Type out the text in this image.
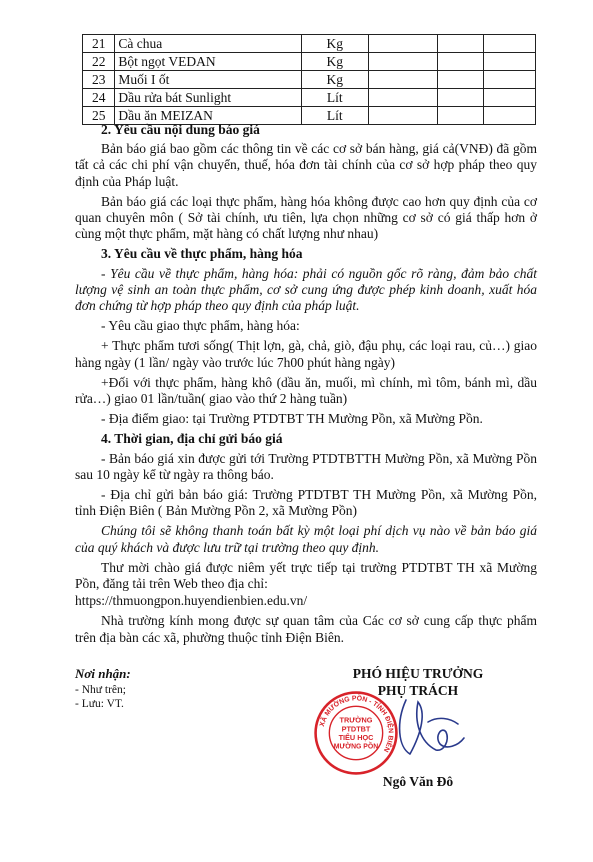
21	Cà chua	Kg			
22	Bột ngọt VEDAN	Kg			
23	Muối I ốt	Kg			
24	Dầu rửa bát Sunlight	Lít			
25	Dầu ăn MEIZAN	Lít			

2. Yêu cầu nội dung báo giá

Bản báo giá bao gồm các thông tin về các cơ sở bán hàng, giá cả(VNĐ) đã gồm tất cả các chi phí vận chuyển, thuế, hóa đơn tài chính của cơ sở hợp pháp theo quy định của Pháp luật.

Bản báo giá các loại thực phẩm, hàng hóa không được cao hơn quy định của cơ quan chuyên môn ( Sở tài chính, ưu tiên, lựa chọn những cơ sở có giá thấp hơn ở cùng một thực phẩm, mặt hàng có chất lượng như nhau)

3. Yêu cầu về thực phẩm, hàng hóa

- Yêu cầu về thực phẩm, hàng hóa: phải có nguồn gốc rõ ràng, đảm bảo chất lượng vệ sinh an toàn thực phẩm, cơ sở cung ứng được phép kinh doanh, xuất hóa đơn chứng từ hợp pháp theo quy định của pháp luật.

- Yêu cầu giao thực phẩm, hàng hóa:

+ Thực phẩm tươi sống( Thịt lợn, gà, chả, giò, đậu phụ, các loại rau, củ…) giao hàng ngày (1 lần/ ngày vào trước lúc 7h00 phút hàng ngày)

+Đối với thực phẩm, hàng khô (dầu ăn, muối, mì chính, mì tôm, bánh mì, dầu rửa…) giao 01 lần/tuần( giao vào thứ 2 hàng tuần)

- Địa điểm giao: tại Trường PTDTBT TH Mường Pồn, xã Mường Pồn.

4. Thời gian, địa chỉ gửi báo giá

- Bản báo giá xin được gửi tới Trường PTDTBTTH Mường Pồn, xã Mường Pồn sau 10 ngày kể từ ngày ra thông báo.

- Địa chỉ gửi bản báo giá: Trường PTDTBT TH Mường Pồn, xã Mường Pồn, tỉnh Điện Biên ( Bản Mường Pồn 2, xã Mường Pồn)

Chúng tôi sẽ không thanh toán bất kỳ một loại phí dịch vụ nào về bản báo giá của quý khách và được lưu trữ tại trường theo quy định.

Thư mời chào giá được niêm yết trực tiếp tại trường PTDTBT TH xã Mường Pồn, đăng tải trên Web theo địa chỉ:

https://thmuongpon.huyendienbien.edu.vn/

Nhà trường kính mong được sự quan tâm của Các cơ sở cung cấp thực phẩm trên địa bàn các xã, phường thuộc tỉnh Điện Biên.

Nơi nhận:
- Như trên;
- Lưu: VT.
PHÓ HIỆU TRƯỞNG
PHỤ TRÁCH
Ngô Văn Đô
XÃ MƯỜNG PỒN - TỈNH ĐIỆN BIÊN
TRƯỜNG
PTDTBT
TIỂU HỌC
MƯỜNG PỒN
